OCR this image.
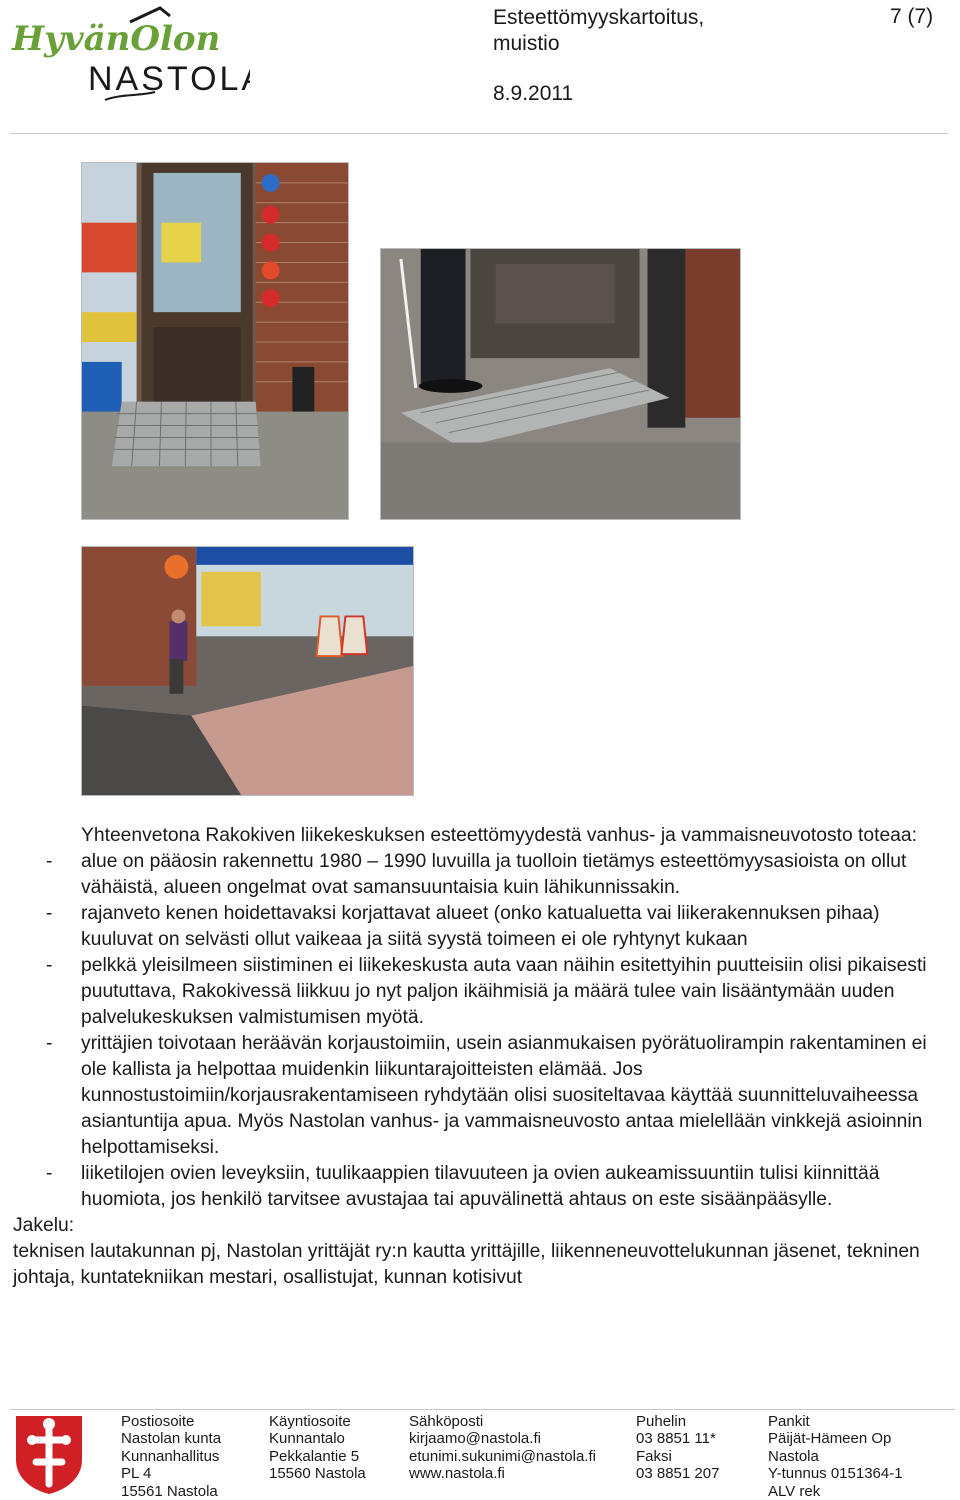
HyvänOlon
NASTOLA
Esteettömyyskartoitus,
muistio
7 (7)
8.9.2011

Yhteenvetona Rakokiven liikekeskuksen esteettömyydestä vanhus- ja vammaisneuvotosto toteaa:

- alue on pääosin rakennettu 1980 – 1990 luvuilla ja tuolloin tietämys esteettömyysasioista on ollut vähäistä, alueen ongelmat ovat samansuuntaisia kuin lähikunnissakin.
- rajanveto kenen hoidettavaksi korjattavat alueet (onko katualuetta vai liikerakennuksen pihaa) kuuluvat on selvästi ollut vaikeaa ja siitä syystä toimeen ei ole ryhtynyt kukaan
- pelkkä yleisilmeen siistiminen ei liikekeskusta auta vaan näihin esitettyihin puutteisiin olisi pikaisesti puututtava, Rakokivessä liikkuu jo nyt paljon ikäihmisiä ja määrä tulee vain lisääntymään uuden palvelukeskuksen valmistumisen myötä.
- yrittäjien toivotaan heräävän korjaustoimiin, usein asianmukaisen pyörätuolirampin rakentaminen ei ole kallista ja helpottaa muidenkin liikuntarajoitteisten elämää. Jos kunnostustoimiin/korjausrakentamiseen ryhdytään olisi suositeltavaa käyttää suunnitteluvaiheessa asiantuntija apua. Myös Nastolan vanhus- ja vammaisneuvosto antaa mielellään vinkkejä asioinnin helpottamiseksi.
- liiketilojen ovien leveyksiin, tuulikaappien tilavuuteen ja ovien aukeamissuuntiin tulisi kiinnittää huomiota, jos henkilö tarvitsee avustajaa tai apuvälinettä ahtaus on este sisäänpääsylle.

Jakelu:

teknisen lautakunnan pj, Nastolan yrittäjät ry:n kautta yrittäjille, liikenneneuvottelukunnan jäsenet, tekninen johtaja, kuntatekniikan mestari, osallistujat, kunnan kotisivut

Postiosoite
Nastolan kunta
Kunnanhallitus
PL 4
15561 Nastola
Käyntiosoite
Kunnantalo
Pekkalantie 5
15560 Nastola
Sähköposti
kirjaamo@nastola.fi
etunimi.sukunimi@nastola.fi
www.nastola.fi
Puhelin
03 8851 11*
Faksi
03 8851 207
Pankit
Päijät-Hämeen Op
Nastola
Y-tunnus 0151364-1
ALV rek
